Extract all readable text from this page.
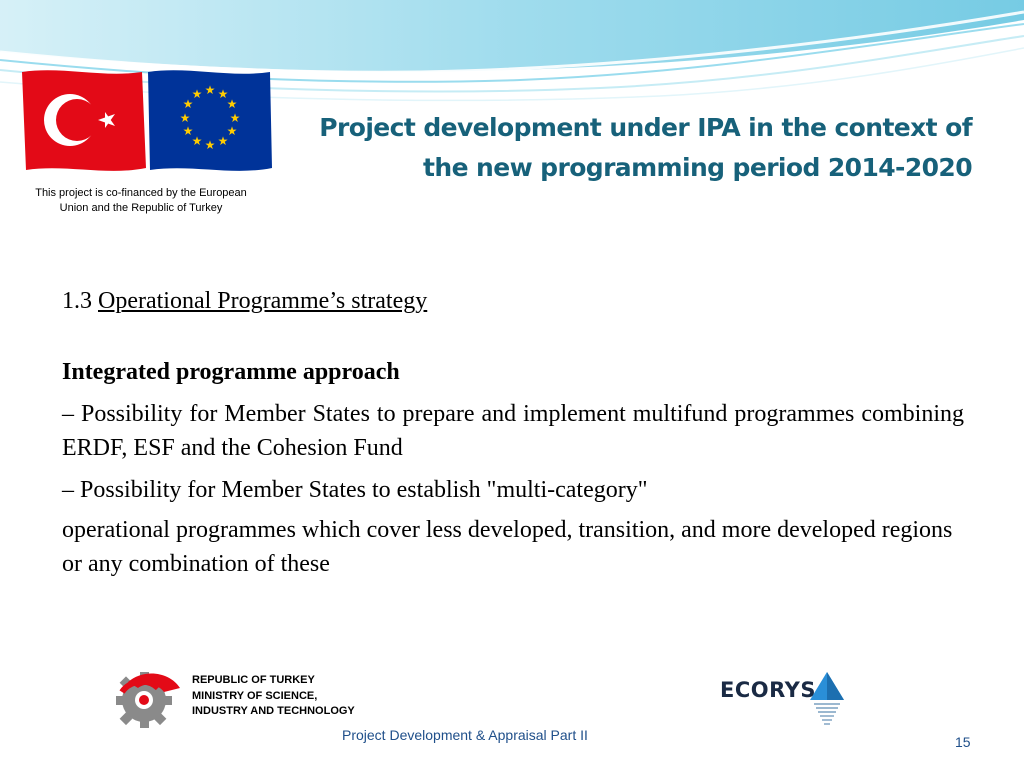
★ ★
★
★
★
★
★
★
★
★
★
★
This project is co-financed by the European
Union and the Republic of Turkey
Project development under IPA in the context of
the new programming period 2014-2020
1.3 Operational Programme’s strategy
Integrated programme approach
– Possibility for Member States to prepare and implement multifund programmes combining ERDF, ESF and the Cohesion Fund
– Possibility for Member States to establish "multi-category"
operational programmes which cover less developed, transition, and more developed regions or any combination of these
REPUBLIC OF TURKEY
MINISTRY OF SCIENCE,
INDUSTRY AND TECHNOLOGY
ECORYS
Project Development & Appraisal Part II	15
